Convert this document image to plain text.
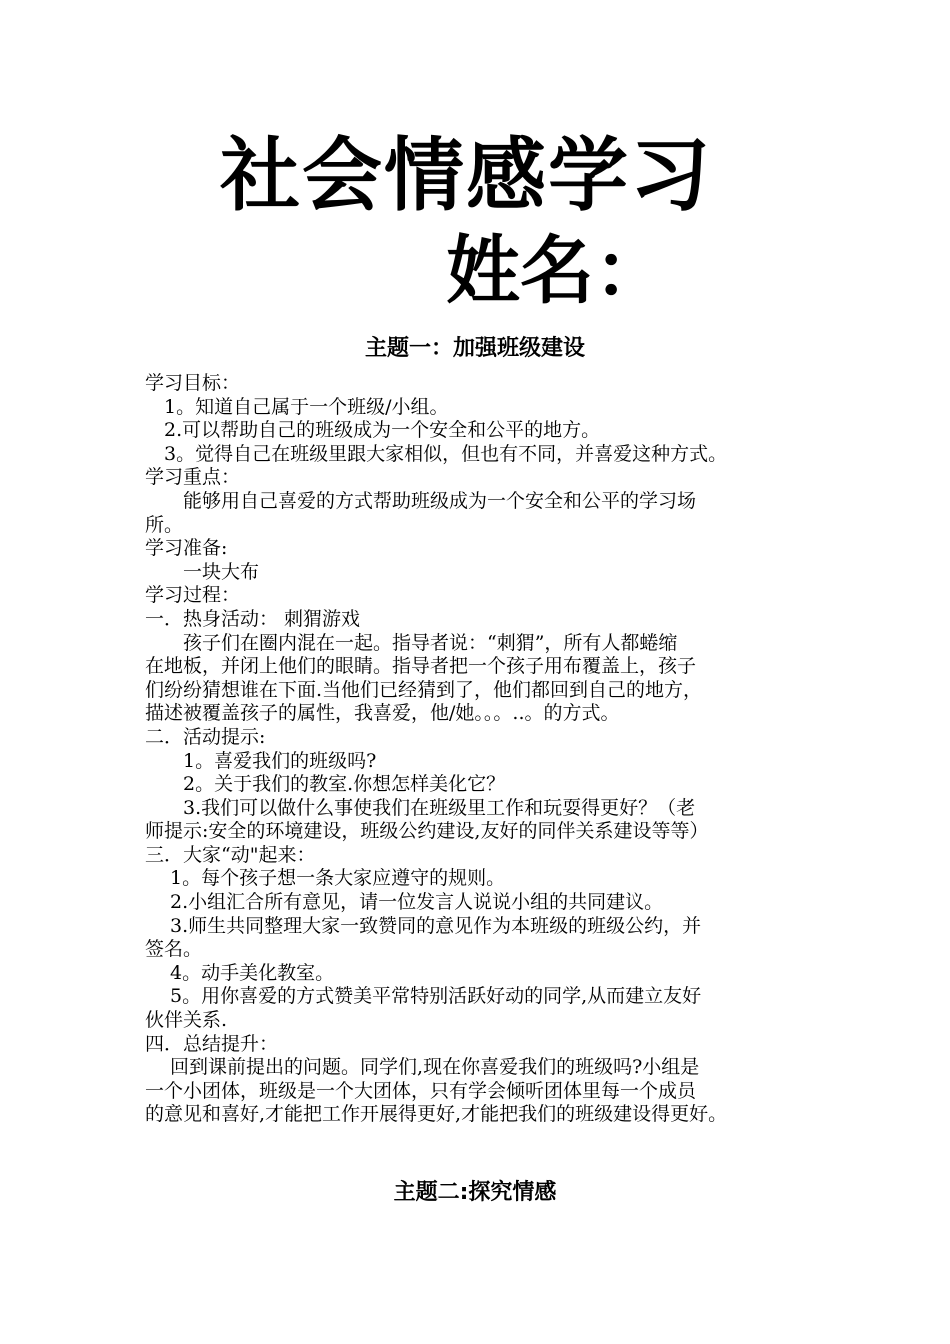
社会情感学习
姓名：
主题一：加强班级建设
学习目标：
　1。知道自己属于一个班级/小组。
　2.可以帮助自己的班级成为一个安全和公平的地方。
　3。觉得自己在班级里跟大家相似，但也有不同，并喜爱这种方式。
学习重点：
　　能够用自己喜爱的方式帮助班级成为一个安全和公平的学习场
所。
学习准备:
　　一块大布
学习过程：
一．热身活动： 刺猬游戏
　　孩子们在圈内混在一起。指导者说：“刺猬”，所有人都蜷缩
在地板，并闭上他们的眼睛。指导者把一个孩子用布覆盖上，孩子
们纷纷猜想谁在下面.当他们已经猜到了，他们都回到自己的地方，
描述被覆盖孩子的属性，我喜爱，他/她。。。..。的方式。
二．活动提示:
　　1。喜爱我们的班级吗?
　　2。关于我们的教室.你想怎样美化它？
　　3.我们可以做什么事使我们在班级里工作和玩耍得更好？（老
师提示:安全的环境建设，班级公约建设,友好的同伴关系建设等等）
三．大家“动"起来：
　 1。每个孩子想一条大家应遵守的规则。
　 2.小组汇合所有意见，请一位发言人说说小组的共同建议。
　 3.师生共同整理大家一致赞同的意见作为本班级的班级公约，并
签名。
　 4。动手美化教室。
　 5。用你喜爱的方式赞美平常特别活跃好动的同学,从而建立友好
伙伴关系.
四．总结提升：
　 回到课前提出的问题。同学们,现在你喜爱我们的班级吗?小组是
一个小团体，班级是一个大团体，只有学会倾听团体里每一个成员
的意见和喜好,才能把工作开展得更好,才能把我们的班级建设得更好。
主题二:探究情感
